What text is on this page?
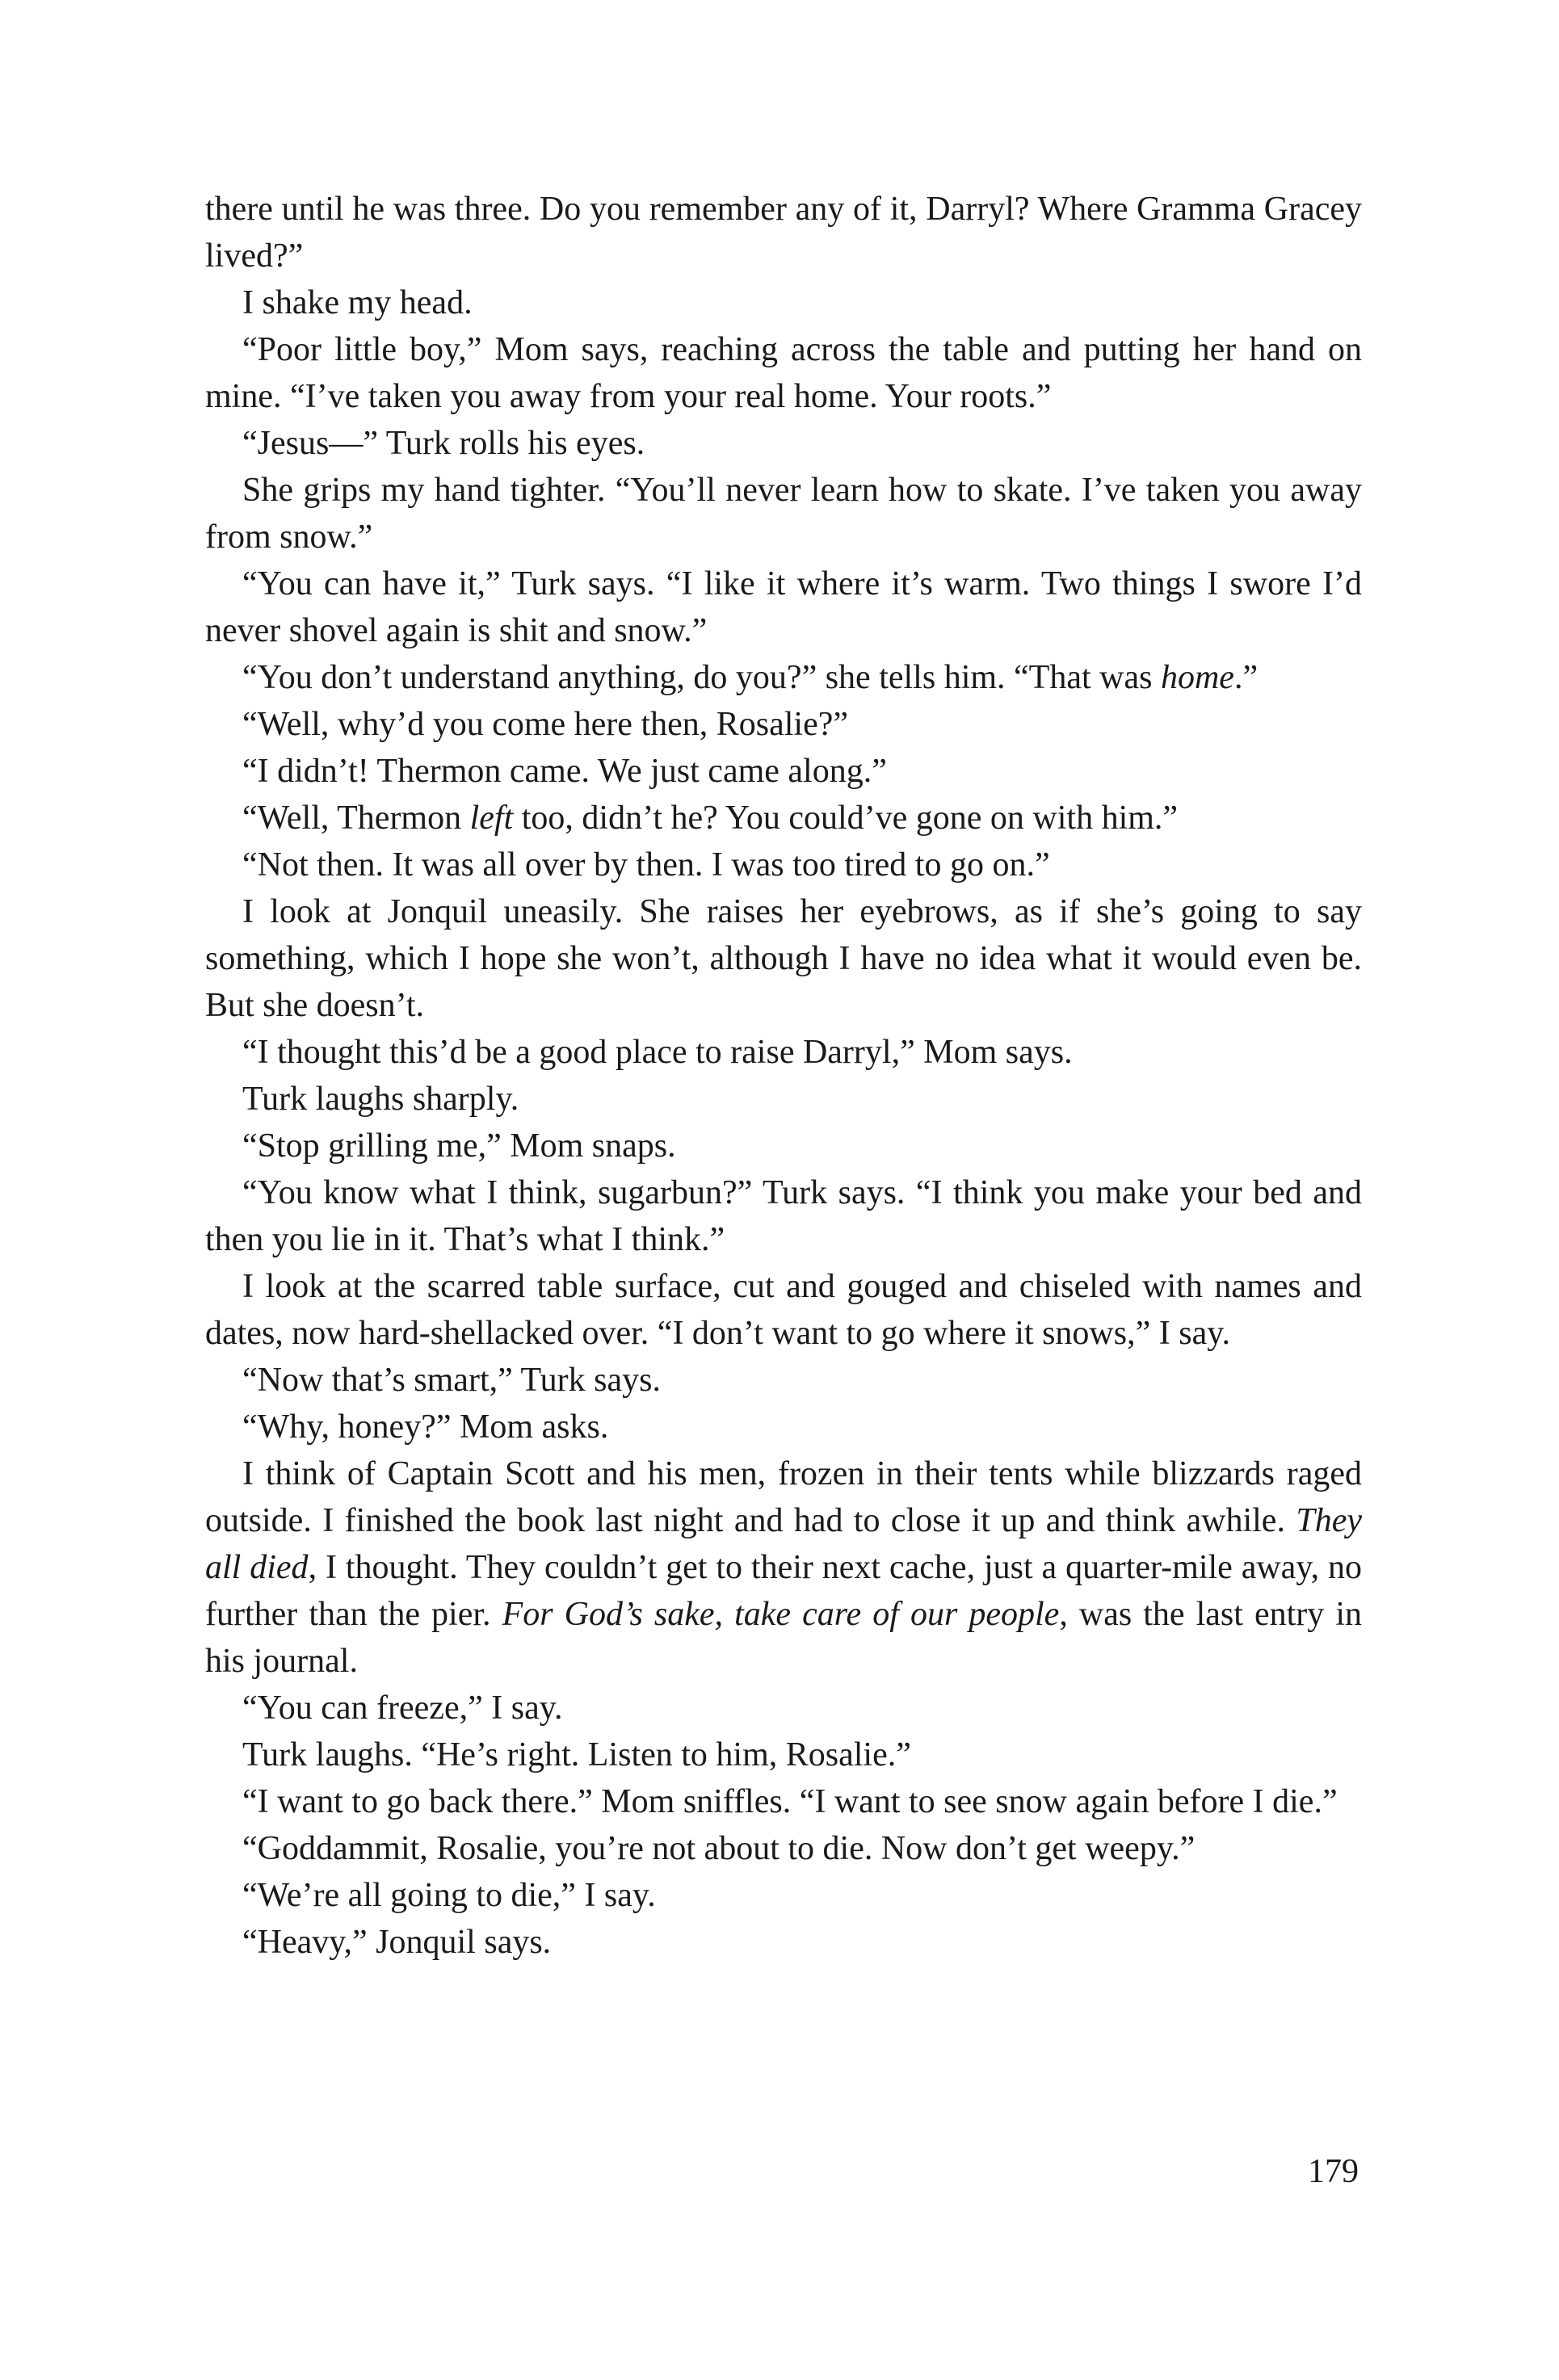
there until he was three. Do you remember any of it, Darryl? Where Gramma Gracey lived?”

I shake my head.

“Poor little boy,” Mom says, reaching across the table and putting her hand on mine. “I’ve taken you away from your real home. Your roots.”

“Jesus—” Turk rolls his eyes.

She grips my hand tighter. “You’ll never learn how to skate. I’ve taken you away from snow.”

“You can have it,” Turk says. “I like it where it’s warm. Two things I swore I’d never shovel again is shit and snow.”

“You don’t understand anything, do you?” she tells him. “That was home.”

“Well, why’d you come here then, Rosalie?”

“I didn’t! Thermon came. We just came along.”

“Well, Thermon left too, didn’t he? You could’ve gone on with him.”

“Not then. It was all over by then. I was too tired to go on.”

I look at Jonquil uneasily. She raises her eyebrows, as if she’s going to say something, which I hope she won’t, although I have no idea what it would even be. But she doesn’t.

“I thought this’d be a good place to raise Darryl,” Mom says.

Turk laughs sharply.

“Stop grilling me,” Mom snaps.

“You know what I think, sugarbun?” Turk says. “I think you make your bed and then you lie in it. That’s what I think.”

I look at the scarred table surface, cut and gouged and chiseled with names and dates, now hard-shellacked over. “I don’t want to go where it snows,” I say.

“Now that’s smart,” Turk says.

“Why, honey?” Mom asks.

I think of Captain Scott and his men, frozen in their tents while blizzards raged outside. I finished the book last night and had to close it up and think awhile. They all died, I thought. They couldn’t get to their next cache, just a quarter-mile away, no further than the pier. For God’s sake, take care of our people, was the last entry in his journal.

“You can freeze,” I say.

Turk laughs. “He’s right. Listen to him, Rosalie.”

“I want to go back there.” Mom sniffles. “I want to see snow again before I die.”

“Goddammit, Rosalie, you’re not about to die. Now don’t get weepy.”

“We’re all going to die,” I say.

“Heavy,” Jonquil says.

179
